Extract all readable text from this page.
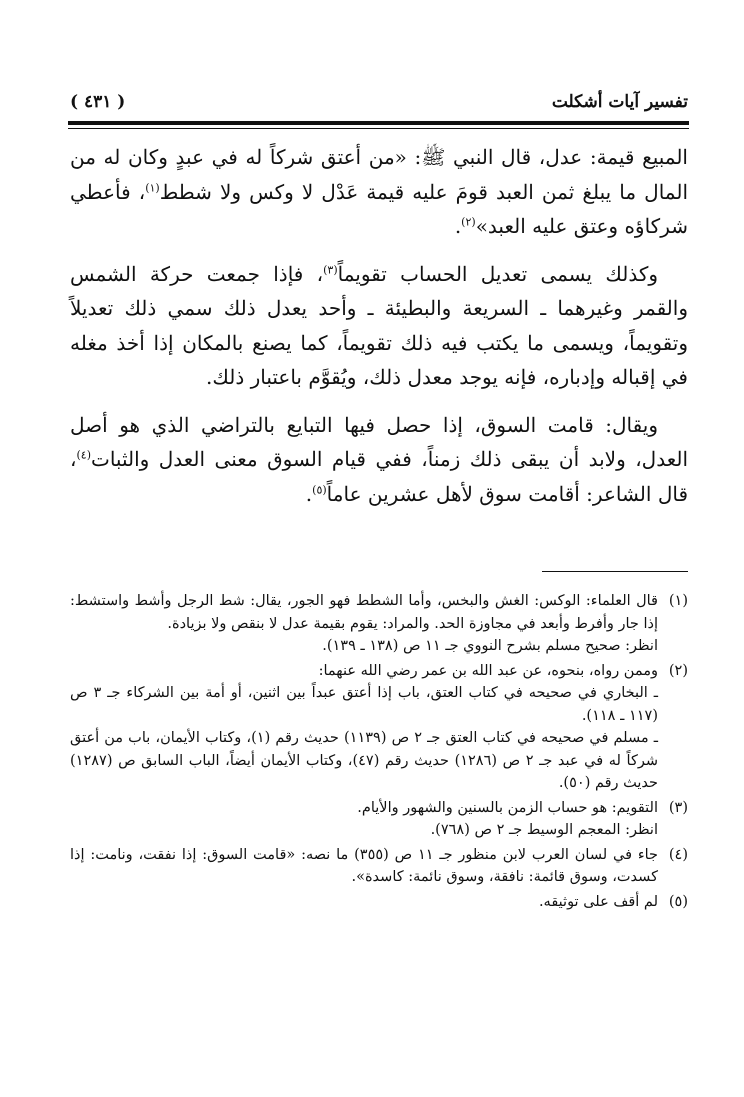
تفسير آيات أشكلت
( ٤٣١ )

المبيع قيمة: عدل، قال النبي ﷺ: «من أعتق شركاً له في عبدٍ وكان له من المال ما يبلغ ثمن العبد قومَ عليه قيمة عَدْل لا وكس ولا شطط$^{(١)}$، فأعطي شركاؤه وعتق عليه العبد»$^{(٢)}$.

وكذلك يسمى تعديل الحساب تقويماً$^{(٣)}$، فإذا جمعت حركة الشمس والقمر وغيرهما ـ السريعة والبطيئة ـ وأحد يعدل ذلك سمي ذلك تعديلاً وتقويماً، ويسمى ما يكتب فيه ذلك تقويماً، كما يصنع بالمكان إذا أخذ مغله في إقباله وإدباره، فإنه يوجد معدل ذلك، ويُقوَّم باعتبار ذلك.

ويقال: قامت السوق، إذا حصل فيها التبايع بالتراضي الذي هو أصل العدل، ولابد أن يبقى ذلك زمناً، ففي قيام السوق معنى العدل والثبات$^{(٤)}$، قال الشاعر: أقامت سوق لأهل عشرين عاماً$^{(٥)}$.

(١)
قال العلماء: الوكس: الغش والبخس، وأما الشطط فهو الجور، يقال: شط الرجل وأشط واستشط: إذا جار وأفرط وأبعد في مجاوزة الحد. والمراد: يقوم بقيمة عدل لا بنقص ولا بزيادة.
انظر: صحيح مسلم بشرح النووي جـ ١١ ص (١٣٨ ـ ١٣٩).
(٢)
وممن رواه، بنحوه، عن عبد الله بن عمر رضي الله عنهما:
ـ البخاري في صحيحه في كتاب العتق، باب إذا أعتق عبداً بين اثنين، أو أمة بين الشركاء جـ ٣ ص (١١٧ ـ ١١٨).
ـ مسلم في صحيحه في كتاب العتق جـ ٢ ص (١١٣٩) حديث رقم (١)، وكتاب الأيمان، باب من أعتق شركاً له في عبد جـ ٢ ص (١٢٨٦) حديث رقم (٤٧)، وكتاب الأيمان أيضاً، الباب السابق ص (١٢٨٧) حديث رقم (٥٠).
(٣)
التقويم: هو حساب الزمن بالسنين والشهور والأيام.
انظر: المعجم الوسيط جـ ٢ ص (٧٦٨).
(٤)
جاء في لسان العرب لابن منظور جـ ١١ ص (٣٥٥) ما نصه: «قامت السوق: إذا نفقت، ونامت: إذا كسدت، وسوق قائمة: نافقة، وسوق نائمة: كاسدة».
(٥)
لم أقف على توثيقه.
